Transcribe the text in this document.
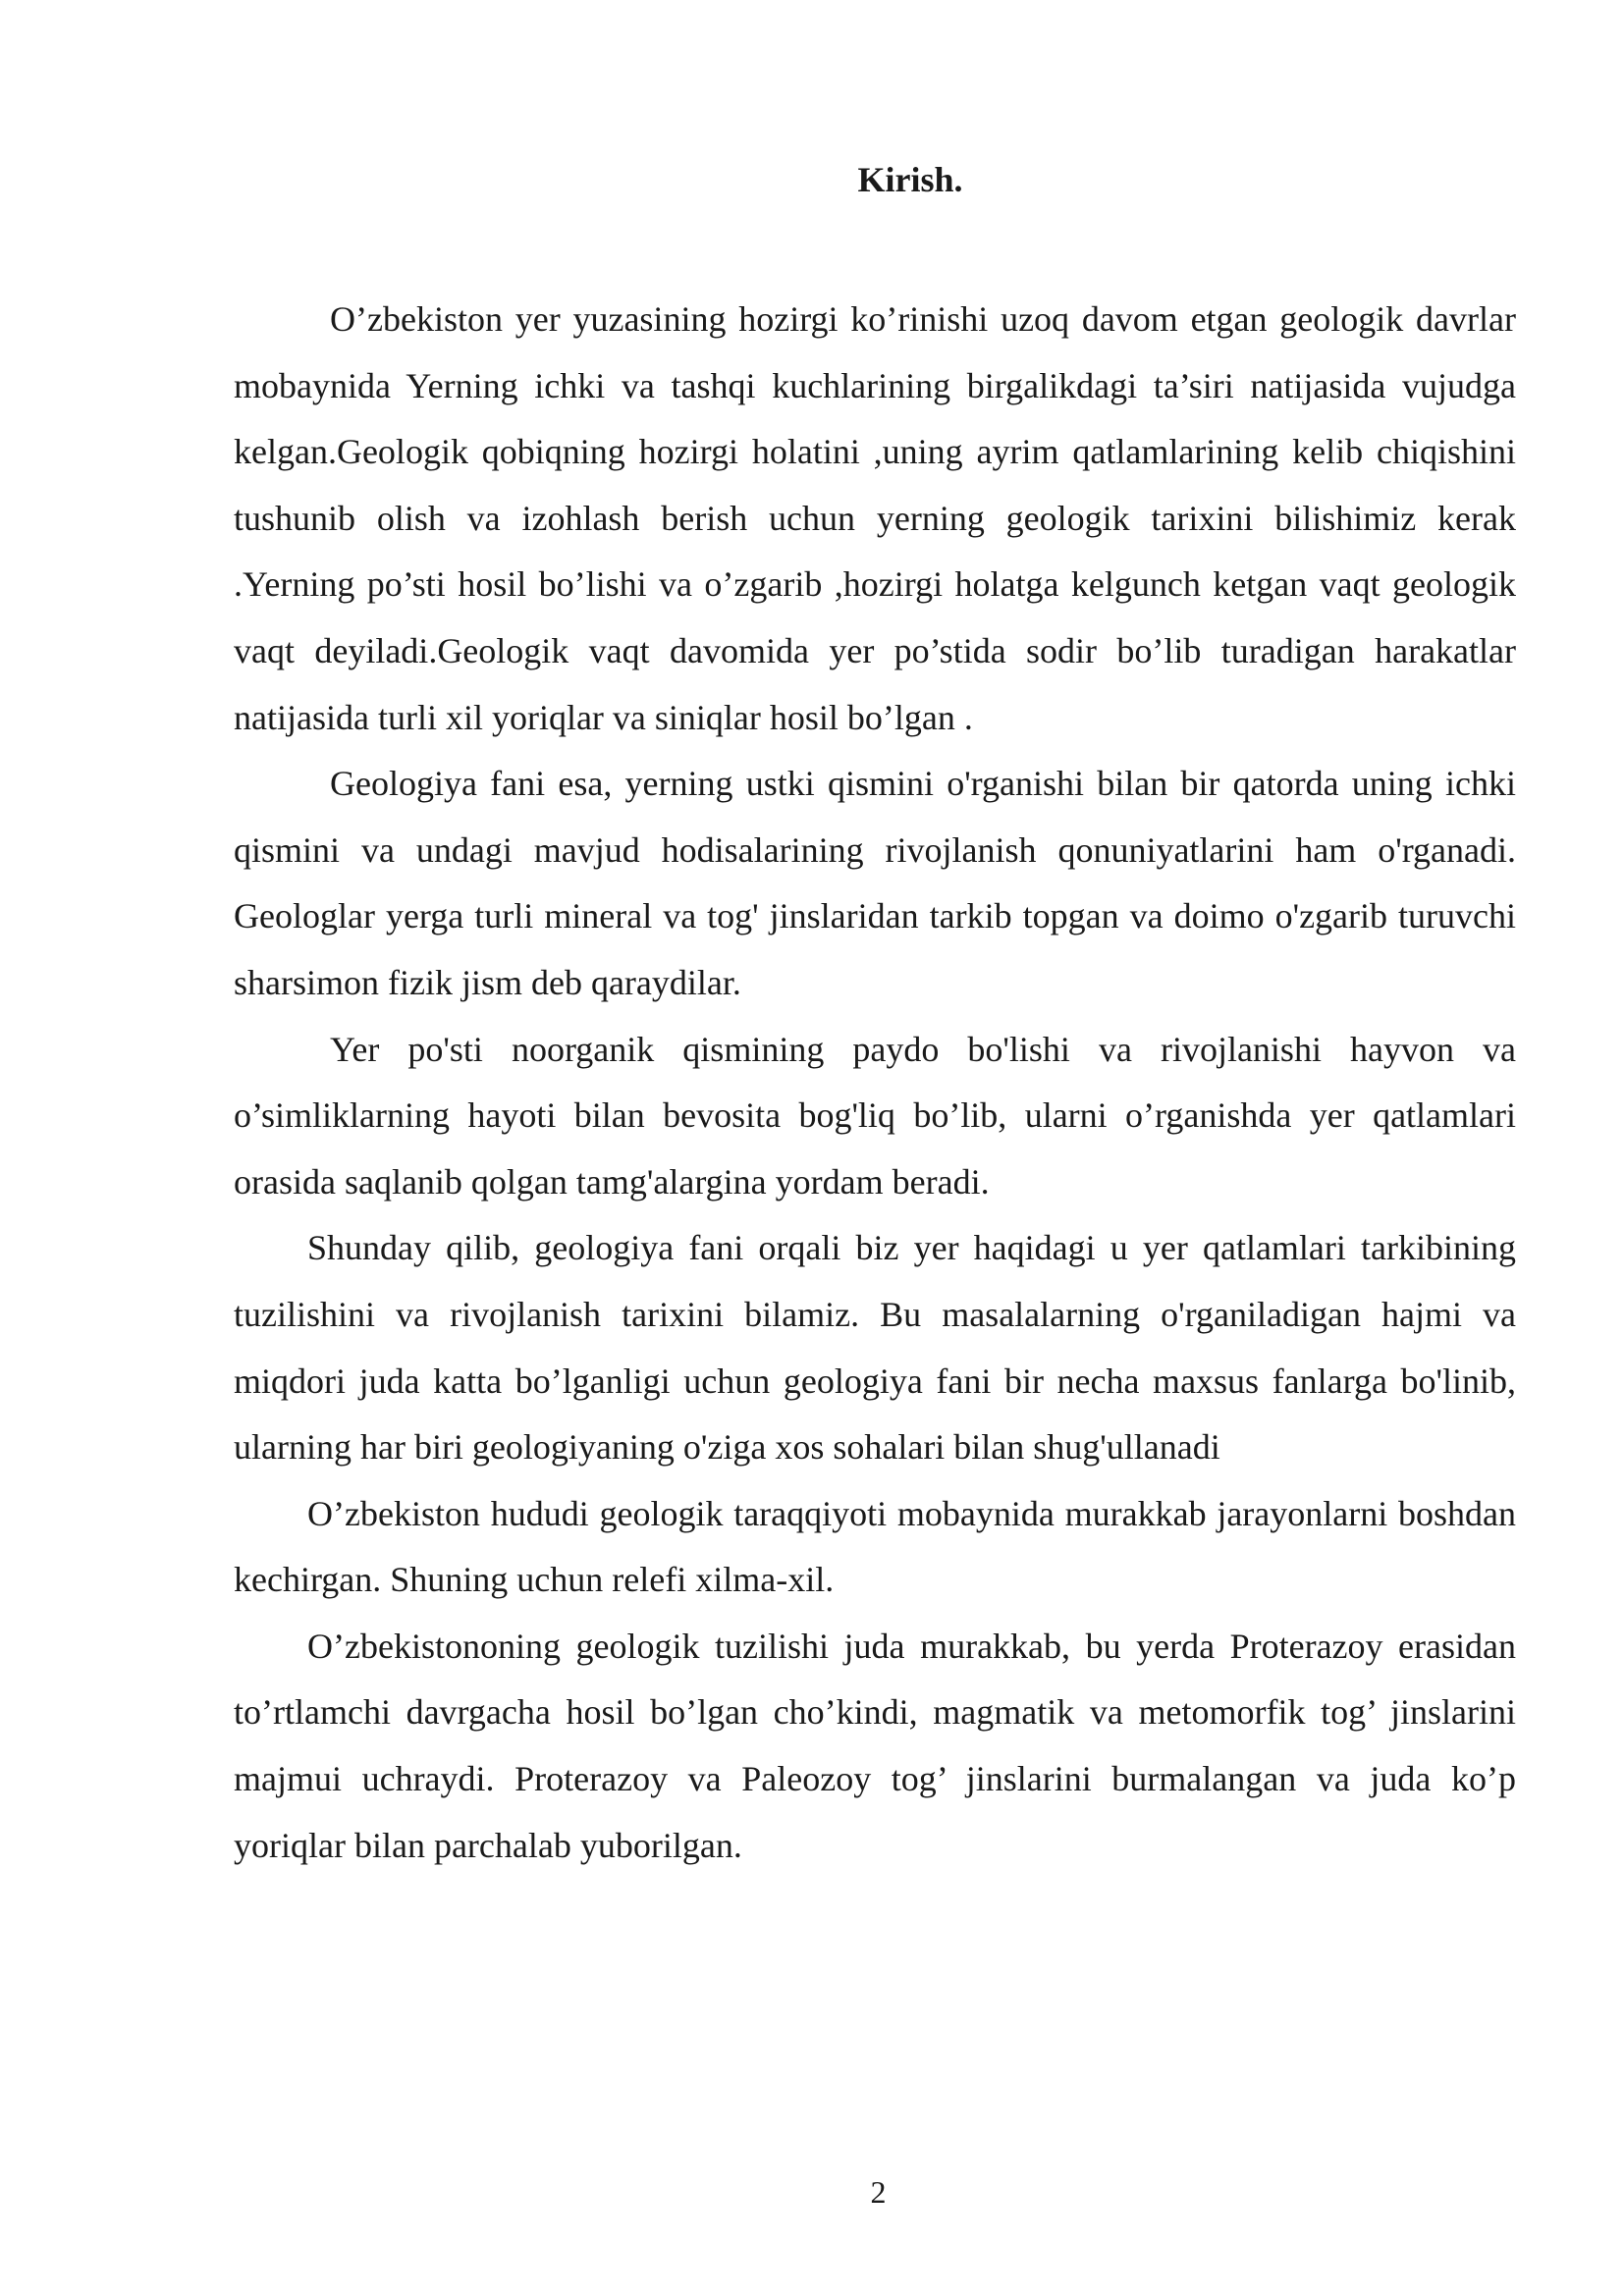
Kirish.

O’zbekiston yer yuzasining hozirgi ko’rinishi uzoq davom etgan geologik davrlar mobaynida Yerning ichki va tashqi kuchlarining birgalikdagi ta’siri natijasida vujudga kelgan.Geologik qobiqning hozirgi holatini ,uning ayrim qatlamlarining kelib chiqishini tushunib olish va izohlash berish uchun yerning geologik tarixini bilishimiz kerak .Yerning po’sti hosil bo’lishi va o’zgarib ,hozirgi holatga kelgunch ketgan vaqt geologik vaqt deyiladi.Geologik vaqt davomida yer po’stida sodir bo’lib turadigan harakatlar natijasida turli xil yoriqlar va siniqlar hosil bo’lgan .

Geologiya fani esa, yerning ustki qismini o'rganishi bilan bir qatorda uning ichki qismini va undagi mavjud hodisalarining rivojlanish qonuniyatlarini ham o'rganadi. Geologlar yerga turli mineral va tog' jinslaridan tarkib topgan va doimo o'zgarib turuvchi sharsimon fizik jism deb qaraydilar.

Yer po'sti noorganik qismining paydo bo'lishi va rivojlanishi hayvon va o’simliklarning hayoti bilan bevosita bog'liq bo’lib, ularni o’rganishda yer qatlamlari orasida saqlanib qolgan tamg'alargina yordam beradi.

Shunday qilib, geologiya fani orqali biz yer haqidagi u yer qatlamlari tarkibining tuzilishini va rivojlanish tarixini bilamiz. Bu masalalarning o'rganiladigan hajmi va miqdori juda katta bo’lganligi uchun geologiya fani bir necha maxsus fanlarga bo'linib, ularning har biri geologiyaning o'ziga xos sohalari bilan shug'ullanadi

O’zbekiston hududi geologik taraqqiyoti mobaynida murakkab jarayonlarni boshdan kechirgan. Shuning uchun relefi xilma-xil.

O’zbekistononing geologik tuzilishi juda murakkab, bu yerda Proterazoy erasidan to’rtlamchi davrgacha hosil bo’lgan cho’kindi, magmatik va metomorfik tog’ jinslarini majmui uchraydi. Proterazoy va Paleozoy tog’ jinslarini burmalangan va juda ko’p yoriqlar bilan parchalab yuborilgan.

2
